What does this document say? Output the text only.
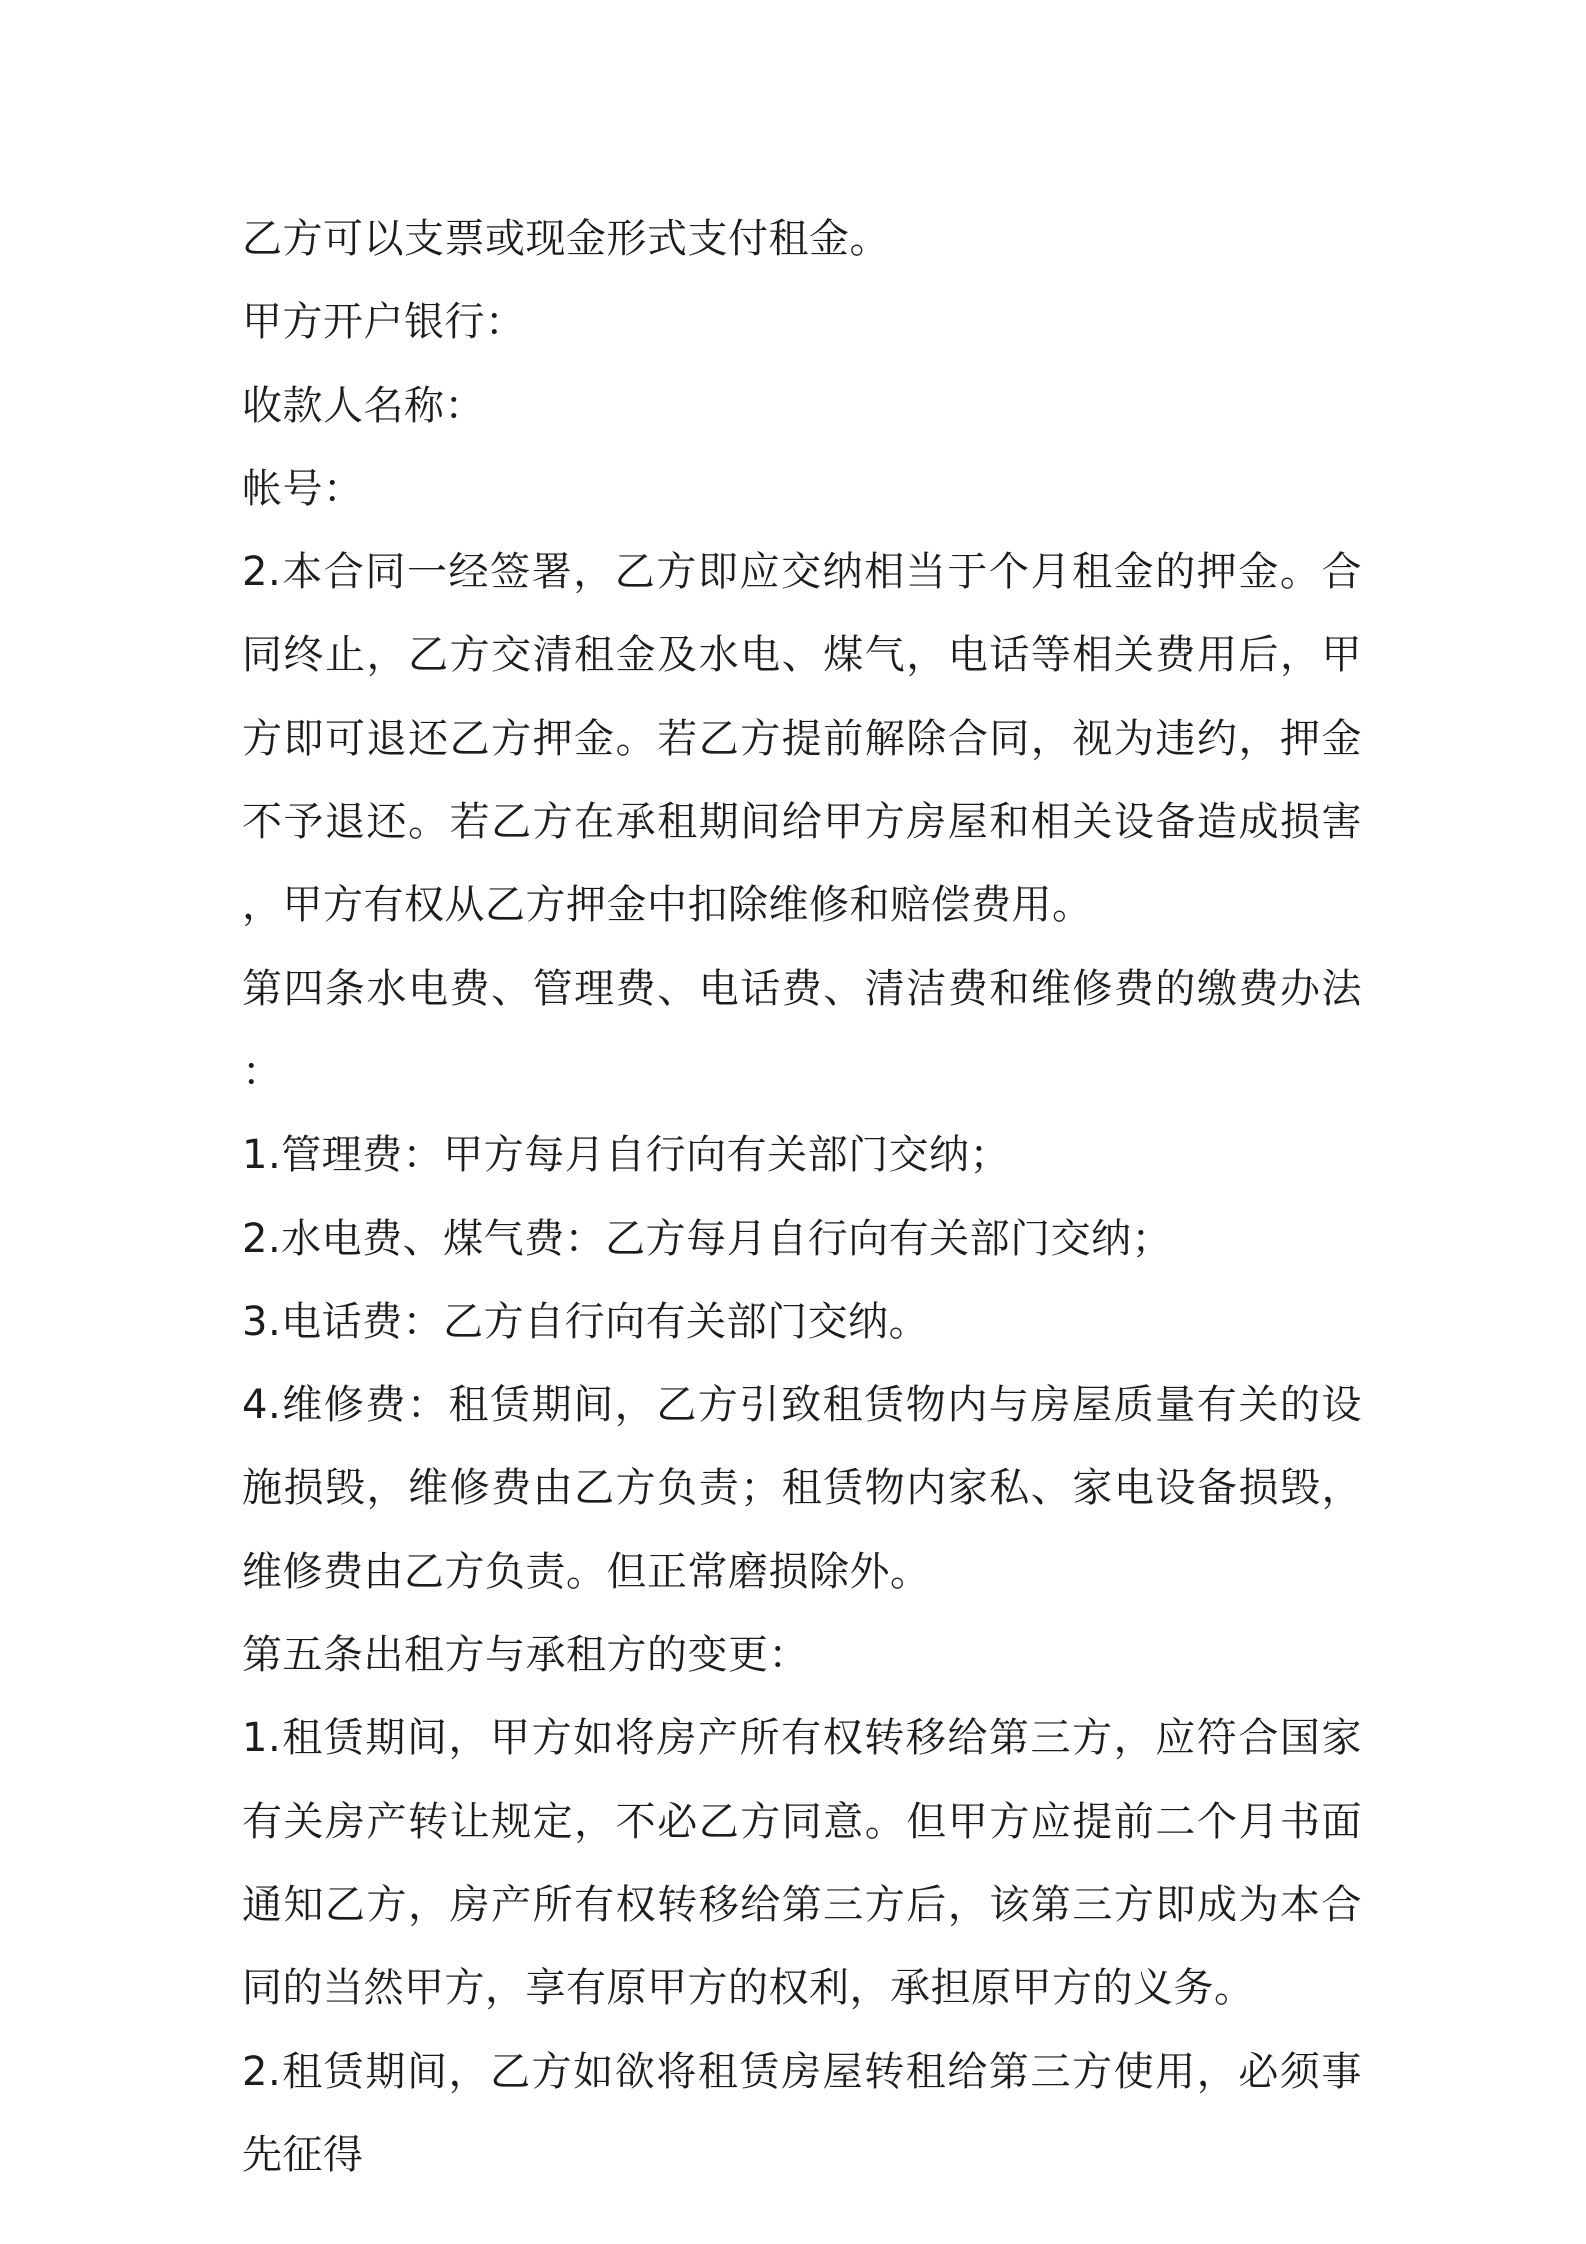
乙方可以支票或现金形式支付租金。

甲方开户银行：

收款人名称：

帐号：

2.本合同一经签署，乙方即应交纳相当于个月租金的押金。合同终止，乙方交清租金及水电、煤气，电话等相关费用后，甲方即可退还乙方押金。若乙方提前解除合同，视为违约，押金不予退还。若乙方在承租期间给甲方房屋和相关设备造成损害，甲方有权从乙方押金中扣除维修和赔偿费用。

第四条水电费、管理费、电话费、清洁费和维修费的缴费办法：

1.管理费：甲方每月自行向有关部门交纳；

2.水电费、煤气费：乙方每月自行向有关部门交纳；

3.电话费：乙方自行向有关部门交纳。

4.维修费：租赁期间，乙方引致租赁物内与房屋质量有关的设施损毁，维修费由乙方负责；租赁物内家私、家电设备损毁，维修费由乙方负责。但正常磨损除外。

第五条出租方与承租方的变更：

1.租赁期间，甲方如将房产所有权转移给第三方，应符合国家有关房产转让规定，不必乙方同意。但甲方应提前二个月书面通知乙方，房产所有权转移给第三方后，该第三方即成为本合同的当然甲方，享有原甲方的权利，承担原甲方的义务。

2.租赁期间，乙方如欲将租赁房屋转租给第三方使用，必须事先征得
